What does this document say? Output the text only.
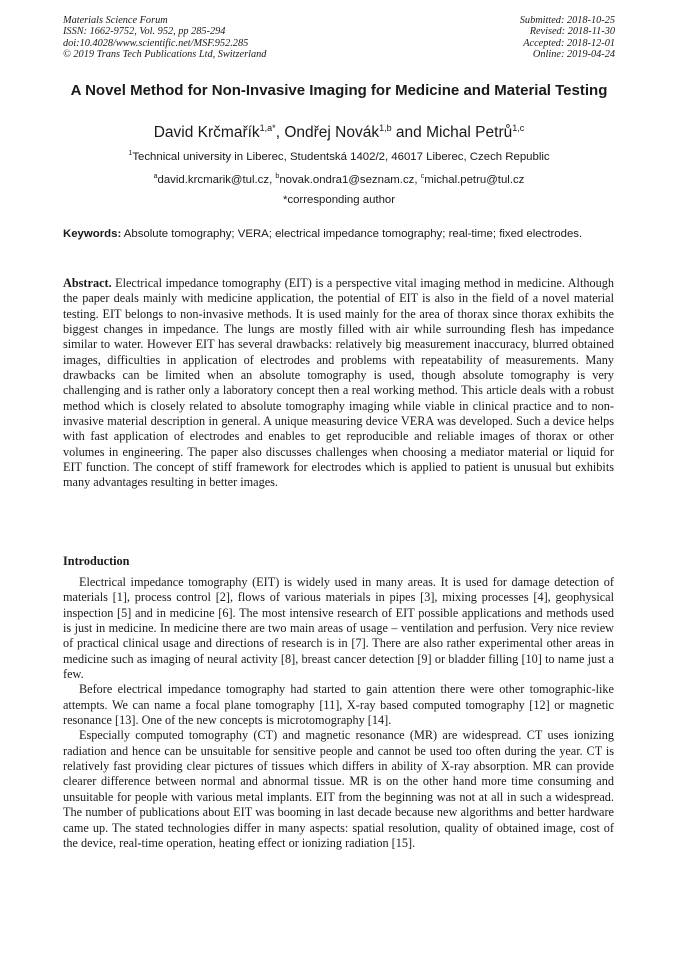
Materials Science Forum
ISSN: 1662-9752, Vol. 952, pp 285-294
doi:10.4028/www.scientific.net/MSF.952.285
© 2019 Trans Tech Publications Ltd, Switzerland
Submitted: 2018-10-25
Revised: 2018-11-30
Accepted: 2018-12-01
Online: 2019-04-24
A Novel Method for Non-Invasive Imaging for Medicine and Material Testing
David Krčmařík$^{1,a*}$, Ondřej Novák$^{1,b}$ and Michal Petrů$^{1,c}$
$^1$Technical university in Liberec, Studentská 1402/2, 46017 Liberec, Czech Republic
$^a$david.krcmarik@tul.cz, $^b$novak.ondra1@seznam.cz, $^c$michal.petru@tul.cz
*corresponding author
Keywords: Absolute tomography; VERA; electrical impedance tomography; real-time; fixed electrodes.

Abstract. Electrical impedance tomography (EIT) is a perspective vital imaging method in medicine. Although the paper deals mainly with medicine application, the potential of EIT is also in the field of a novel material testing. EIT belongs to non-invasive methods. It is used mainly for the area of thorax since thorax exhibits the biggest changes in impedance. The lungs are mostly filled with air while surrounding flesh has impedance similar to water. However EIT has several drawbacks: relatively big measurement inaccuracy, blurred obtained images, difficulties in application of electrodes and problems with repeatability of measurements. Many drawbacks can be limited when an absolute tomography is used, though absolute tomography is very challenging and is rather only a laboratory concept then a real working method. This article deals with a robust method which is closely related to absolute tomography imaging while viable in clinical practice and to non-invasive material description in general. A unique measuring device VERA was developed. Such a device helps with fast application of electrodes and enables to get reproducible and reliable images of thorax or other volumes in engineering. The paper also discusses challenges when choosing a mediator material or liquid for EIT function. The concept of stiff framework for electrodes which is applied to patient is unusual but exhibits many advantages resulting in better images.

Introduction

Electrical impedance tomography (EIT) is widely used in many areas. It is used for damage detection of materials [1], process control [2], flows of various materials in pipes [3], mixing processes [4], geophysical inspection [5] and in medicine [6]. The most intensive research of EIT possible applications and methods used is just in medicine. In medicine there are two main areas of usage – ventilation and perfusion. Very nice review of practical clinical usage and directions of research is in [7]. There are also rather experimental other areas in medicine such as imaging of neural activity [8], breast cancer detection [9] or bladder filling [10] to name just a few.

Before electrical impedance tomography had started to gain attention there were other tomographic-like attempts. We can name a focal plane tomography [11], X-ray based computed tomography [12] or magnetic resonance [13]. One of the new concepts is microtomography [14].

Especially computed tomography (CT) and magnetic resonance (MR) are widespread. CT uses ionizing radiation and hence can be unsuitable for sensitive people and cannot be used too often during the year. CT is relatively fast providing clear pictures of tissues which differs in ability of X-ray absorption. MR can provide clearer difference between normal and abnormal tissue. MR is on the other hand more time consuming and unsuitable for people with various metal implants. EIT from the beginning was not at all in such a widespread. The number of publications about EIT was booming in last decade because new algorithms and better hardware came up. The stated technologies differ in many aspects: spatial resolution, quality of obtained image, cost of the device, real-time operation, heating effect or ionizing radiation [15].
